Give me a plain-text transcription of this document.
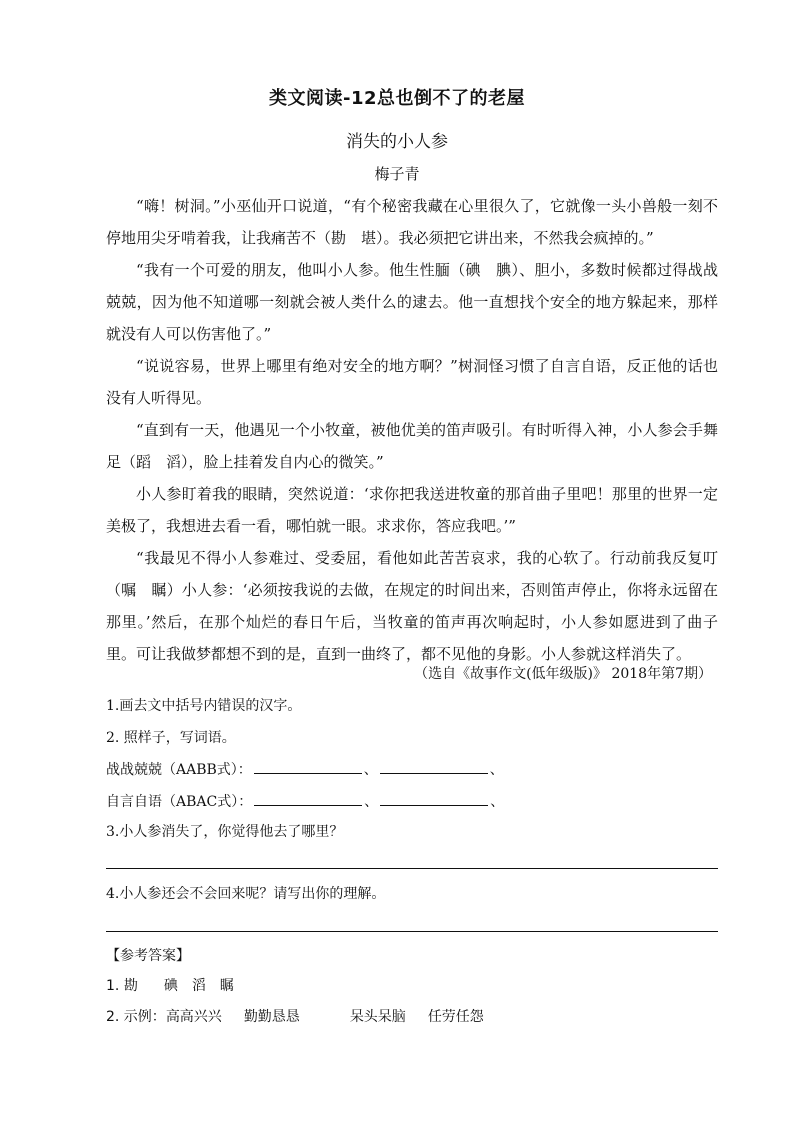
类文阅读-12总也倒不了的老屋
消失的小人参
梅子青

“嗨！树洞。”小巫仙开口说道，“有个秘密我藏在心里很久了，它就像一头小兽般一刻不停地用尖牙啃着我，让我痛苦不（勘　堪）。我必须把它讲出来，不然我会疯掉的。”

“我有一个可爱的朋友，他叫小人参。他生性腼（碘　腆）、胆小，多数时候都过得战战兢兢，因为他不知道哪一刻就会被人类什么的逮去。他一直想找个安全的地方躲起来，那样就没有人可以伤害他了。”

“说说容易，世界上哪里有绝对安全的地方啊？”树洞怪习惯了自言自语，反正他的话也没有人听得见。

“直到有一天，他遇见一个小牧童，被他优美的笛声吸引。有时听得入神，小人参会手舞足（蹈　滔），脸上挂着发自内心的微笑。”

小人参盯着我的眼睛，突然说道：‘求你把我送进牧童的那首曲子里吧！那里的世界一定美极了，我想进去看一看，哪怕就一眼。求求你，答应我吧。’”

“我最见不得小人参难过、受委屈，看他如此苦苦哀求，我的心软了。行动前我反复叮（嘱　瞩）小人参：‘必须按我说的去做，在规定的时间出来，否则笛声停止，你将永远留在那里。’然后，在那个灿烂的春日午后，当牧童的笛声再次响起时，小人参如愿进到了曲子里。可让我做梦都想不到的是，直到一曲终了，都不见他的身影。小人参就这样消失了。

（选自《故事作文(低年级版)》 2018年第7期）
1.画去文中括号内错误的汉字。
2. 照样子，写词语。
战战兢兢（AABB式）：	、	、
自言自语（ABAC式）：	、	、
3.小人参消失了，你觉得他去了哪里？
4.小人参还会不会回来呢？请写出你的理解。
【参考答案】
1. 勘 碘 滔 瞩
2. 示例：高高兴兴 勤勤恳恳	呆头呆脑 任劳任怨
